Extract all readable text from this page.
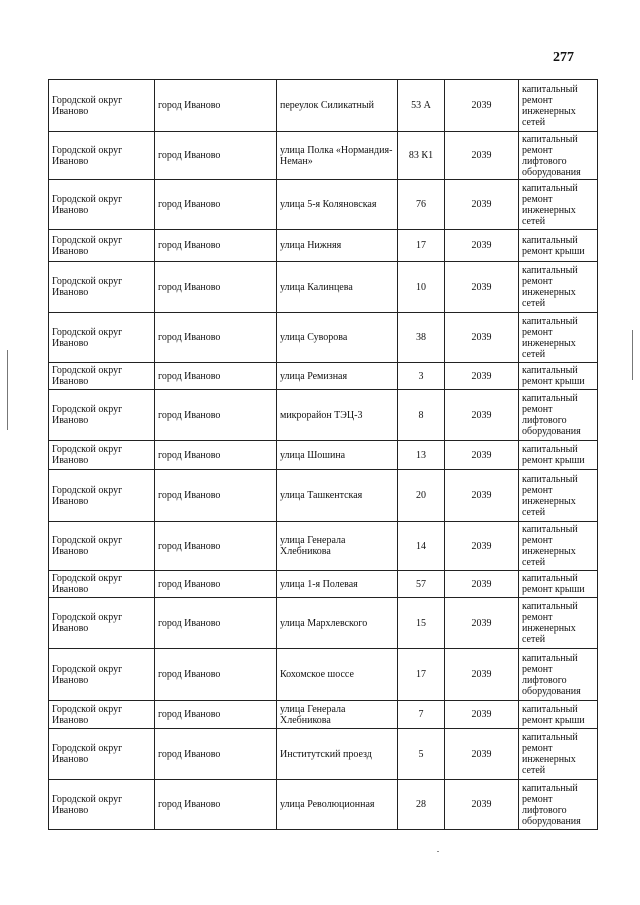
277
Городской округ Иваново	город Иваново	переулок Силикатный	53 А	2039	капитальный ремонт инженерных сетей
Городской округ Иваново	город Иваново	улица Полка «Нормандия-Неман»	83 К1	2039	капитальный ремонт лифтового оборудования
Городской округ Иваново	город Иваново	улица 5-я Коляновская	76	2039	капитальный ремонт инженерных сетей
Городской округ Иваново	город Иваново	улица Нижняя	17	2039	капитальный ремонт крыши
Городской округ Иваново	город Иваново	улица Калинцева	10	2039	капитальный ремонт инженерных сетей
Городской округ Иваново	город Иваново	улица Суворова	38	2039	капитальный ремонт инженерных сетей
Городской округ Иваново	город Иваново	улица Ремизная	3	2039	капитальный ремонт крыши
Городской округ Иваново	город Иваново	микрорайон ТЭЦ-3	8	2039	капитальный ремонт лифтового оборудования
Городской округ Иваново	город Иваново	улица Шошина	13	2039	капитальный ремонт крыши
Городской округ Иваново	город Иваново	улица Ташкентская	20	2039	капитальный ремонт инженерных сетей
Городской округ Иваново	город Иваново	улица Генерала Хлебникова	14	2039	капитальный ремонт инженерных сетей
Городской округ Иваново	город Иваново	улица 1-я Полевая	57	2039	капитальный ремонт крыши
Городской округ Иваново	город Иваново	улица Мархлевского	15	2039	капитальный ремонт инженерных сетей
Городской округ Иваново	город Иваново	Кохомское шоссе	17	2039	капитальный ремонт лифтового оборудования
Городской округ Иваново	город Иваново	улица Генерала Хлебникова	7	2039	капитальный ремонт крыши
Городской округ Иваново	город Иваново	Институтский проезд	5	2039	капитальный ремонт инженерных сетей
Городской округ Иваново	город Иваново	улица Революционная	28	2039	капитальный ремонт лифтового оборудования
